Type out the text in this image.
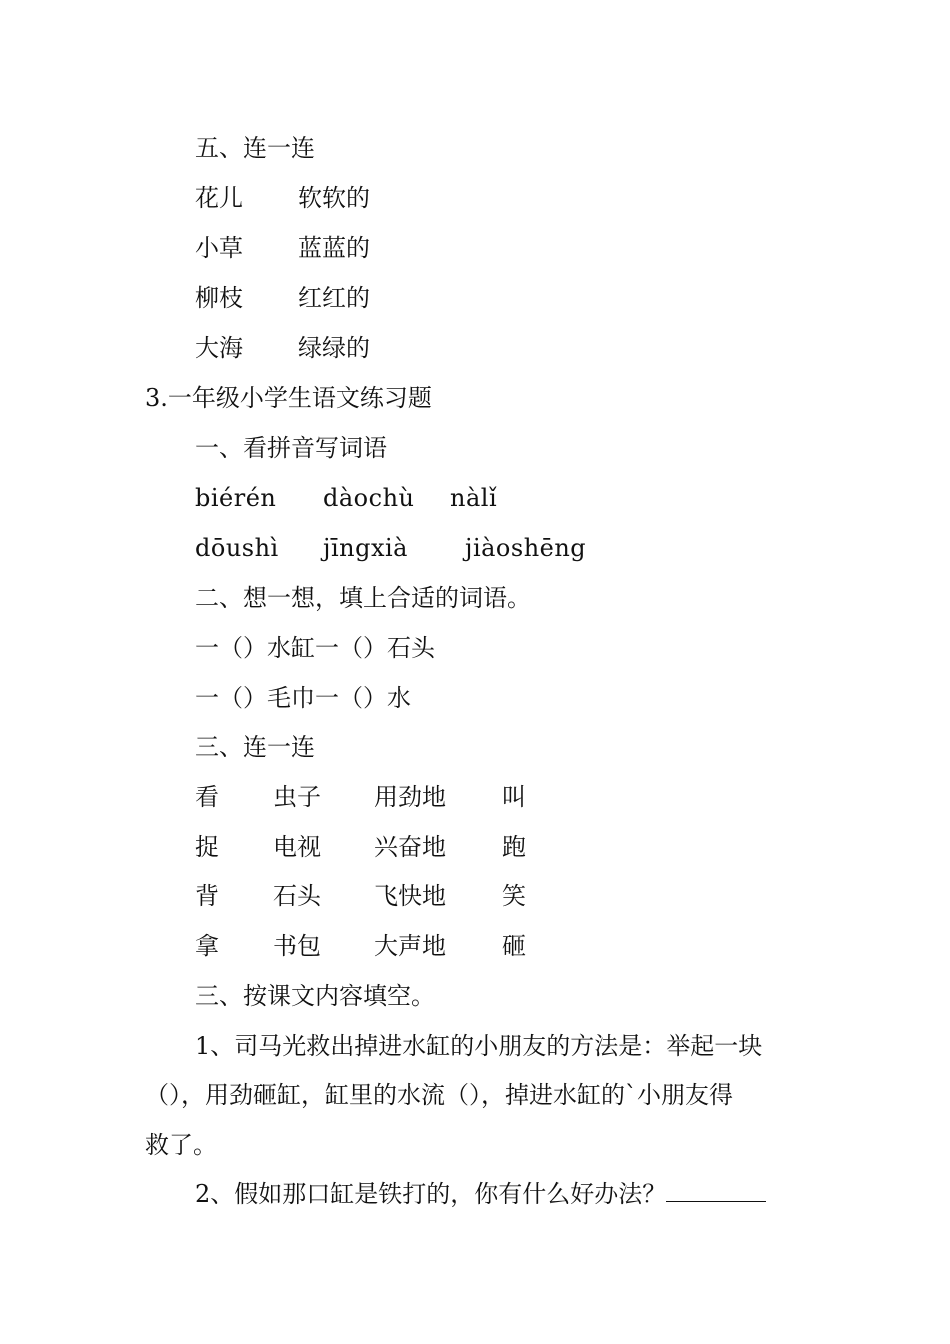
五、连一连
花儿 软软的
小草 蓝蓝的
柳枝 红红的
大海 绿绿的
3.一年级小学生语文练习题
一、看拼音写词语
biérén dàochù nàlǐ
dōushì jīngxià jiàoshēng
二、想一想，填上合适的词语。
一（）水缸一（）石头
一（）毛巾一（）水
三、连一连
看 虫子 用劲地 叫
捉 电视 兴奋地 跑
背 石头 飞快地 笑
拿 书包 大声地 砸
三、按课文内容填空。
1、司马光救出掉进水缸的小朋友的方法是：举起一块
（），用劲砸缸，缸里的水流（），掉进水缸的`小朋友得
救了。
2、假如那口缸是铁打的，你有什么好办法？
